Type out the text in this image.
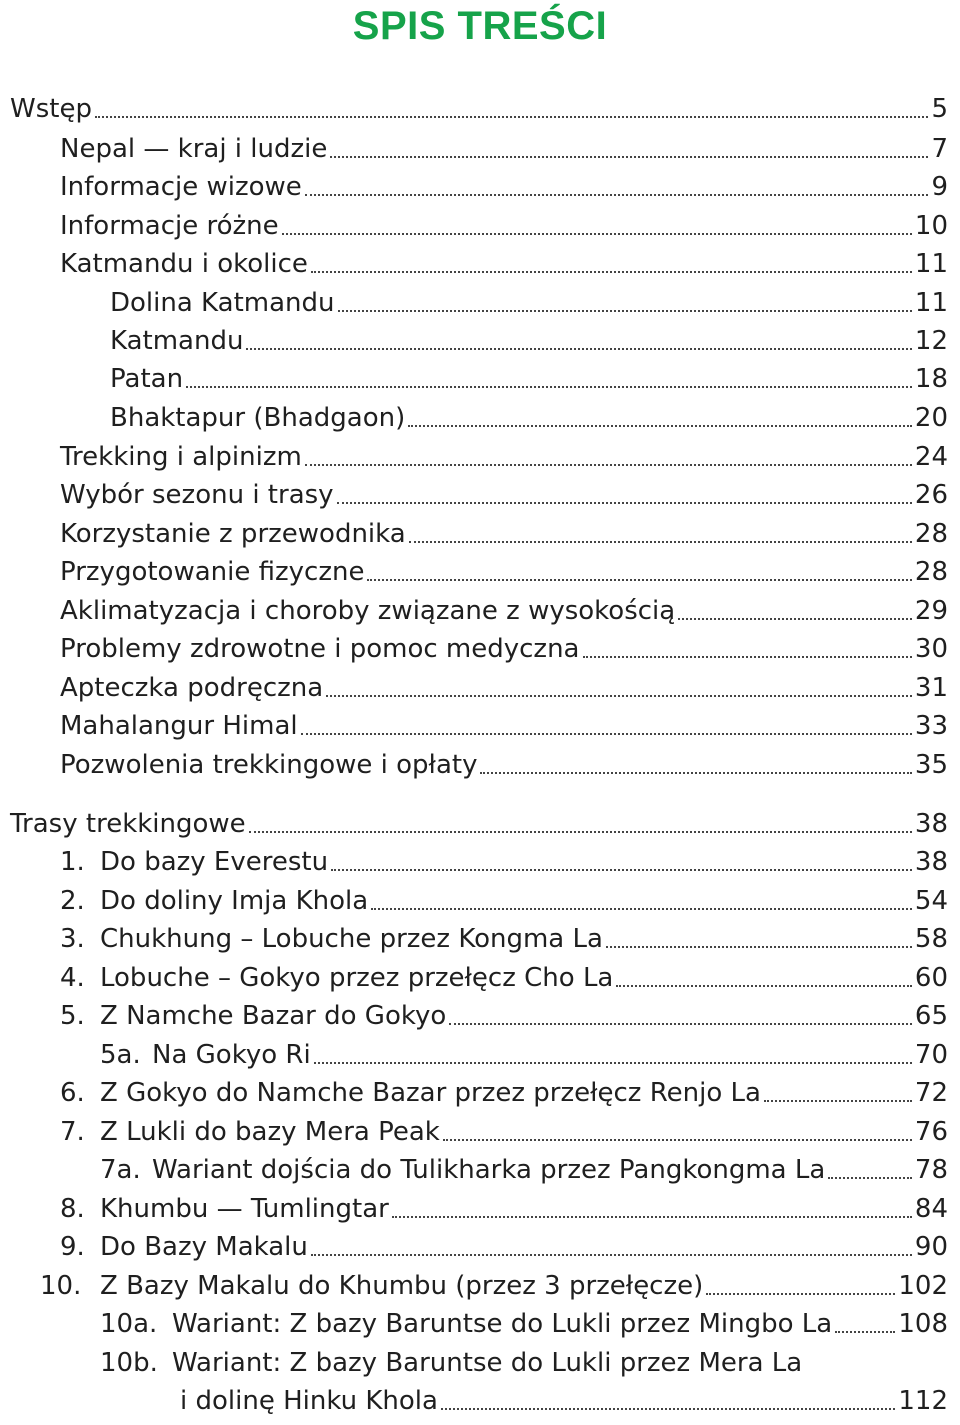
SPIS TREŚCI
Wstęp	5
Nepal — kraj i ludzie	7
Informacje wizowe	9
Informacje różne	10
Katmandu i okolice	11
Dolina Katmandu	11
Katmandu	12
Patan	18
Bhaktapur (Bhadgaon)	20
Trekking i alpinizm	24
Wybór sezonu i trasy	26
Korzystanie z przewodnika	28
Przygotowanie fizyczne	28
Aklimatyzacja i choroby związane z wysokością	29
Problemy zdrowotne i pomoc medyczna	30
Apteczka podręczna	31
Mahalangur Himal	33
Pozwolenia trekkingowe i opłaty	35
Trasy trekkingowe	38
1. Do bazy Everestu	38
2. Do doliny Imja Khola	54
3. Chukhung – Lobuche przez Kongma La	58
4. Lobuche – Gokyo przez przełęcz Cho La	60
5. Z Namche Bazar do Gokyo	65
5a. Na Gokyo Ri	70
6. Z Gokyo do Namche Bazar przez przełęcz Renjo La	72
7. Z Lukli do bazy Mera Peak	76
7a. Wariant dojścia do Tulikharka przez Pangkongma La	78
8. Khumbu — Tumlingtar	84
9. Do Bazy Makalu	90
10. Z Bazy Makalu do Khumbu (przez 3 przełęcze)	102
10a. Wariant: Z bazy Baruntse do Lukli przez Mingbo La	108
10b. Wariant: Z bazy Baruntse do Lukli przez Mera La
i dolinę Hinku Khola	112
